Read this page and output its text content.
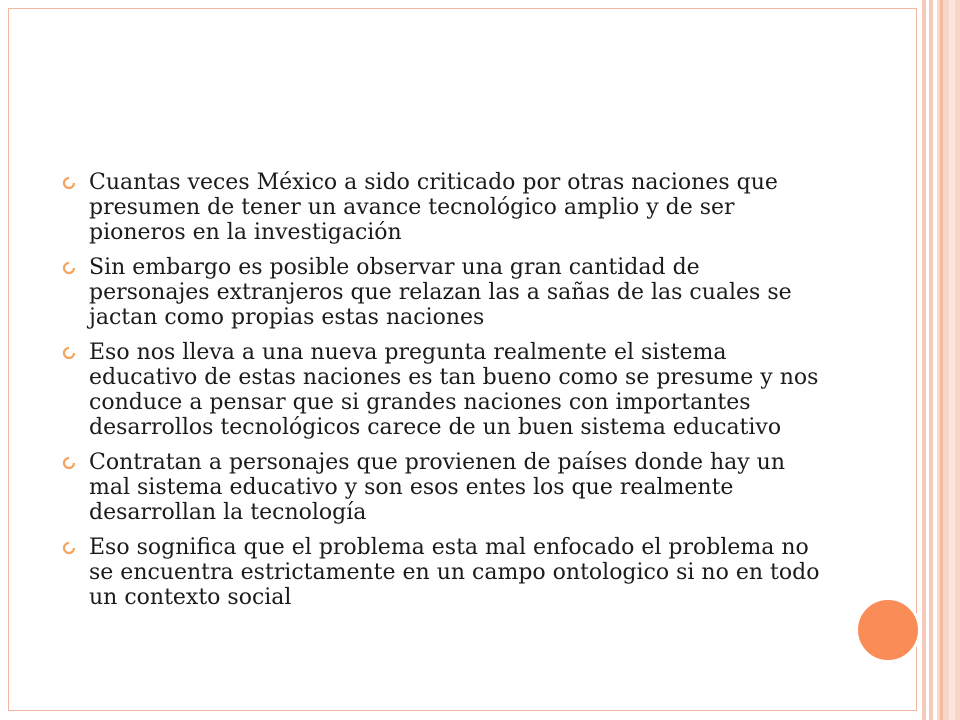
Cuantas veces México a sido criticado por otras naciones que presumen de tener un avance tecnológico amplio y de ser pioneros en la investigación
Sin embargo es posible observar una gran cantidad de personajes extranjeros que relazan las a sañas de las cuales se jactan como propias estas naciones
Eso nos lleva a una nueva pregunta realmente el sistema educativo de estas naciones es tan bueno como se presume y nos conduce a pensar que si grandes naciones con importantes desarrollos tecnológicos carece de un buen sistema educativo
Contratan a personajes que provienen de países donde hay un mal sistema educativo y son esos entes los que realmente desarrollan la tecnología
Eso sognifica que el problema esta mal enfocado el problema no se encuentra estrictamente en un campo ontologico si no en todo un contexto social
